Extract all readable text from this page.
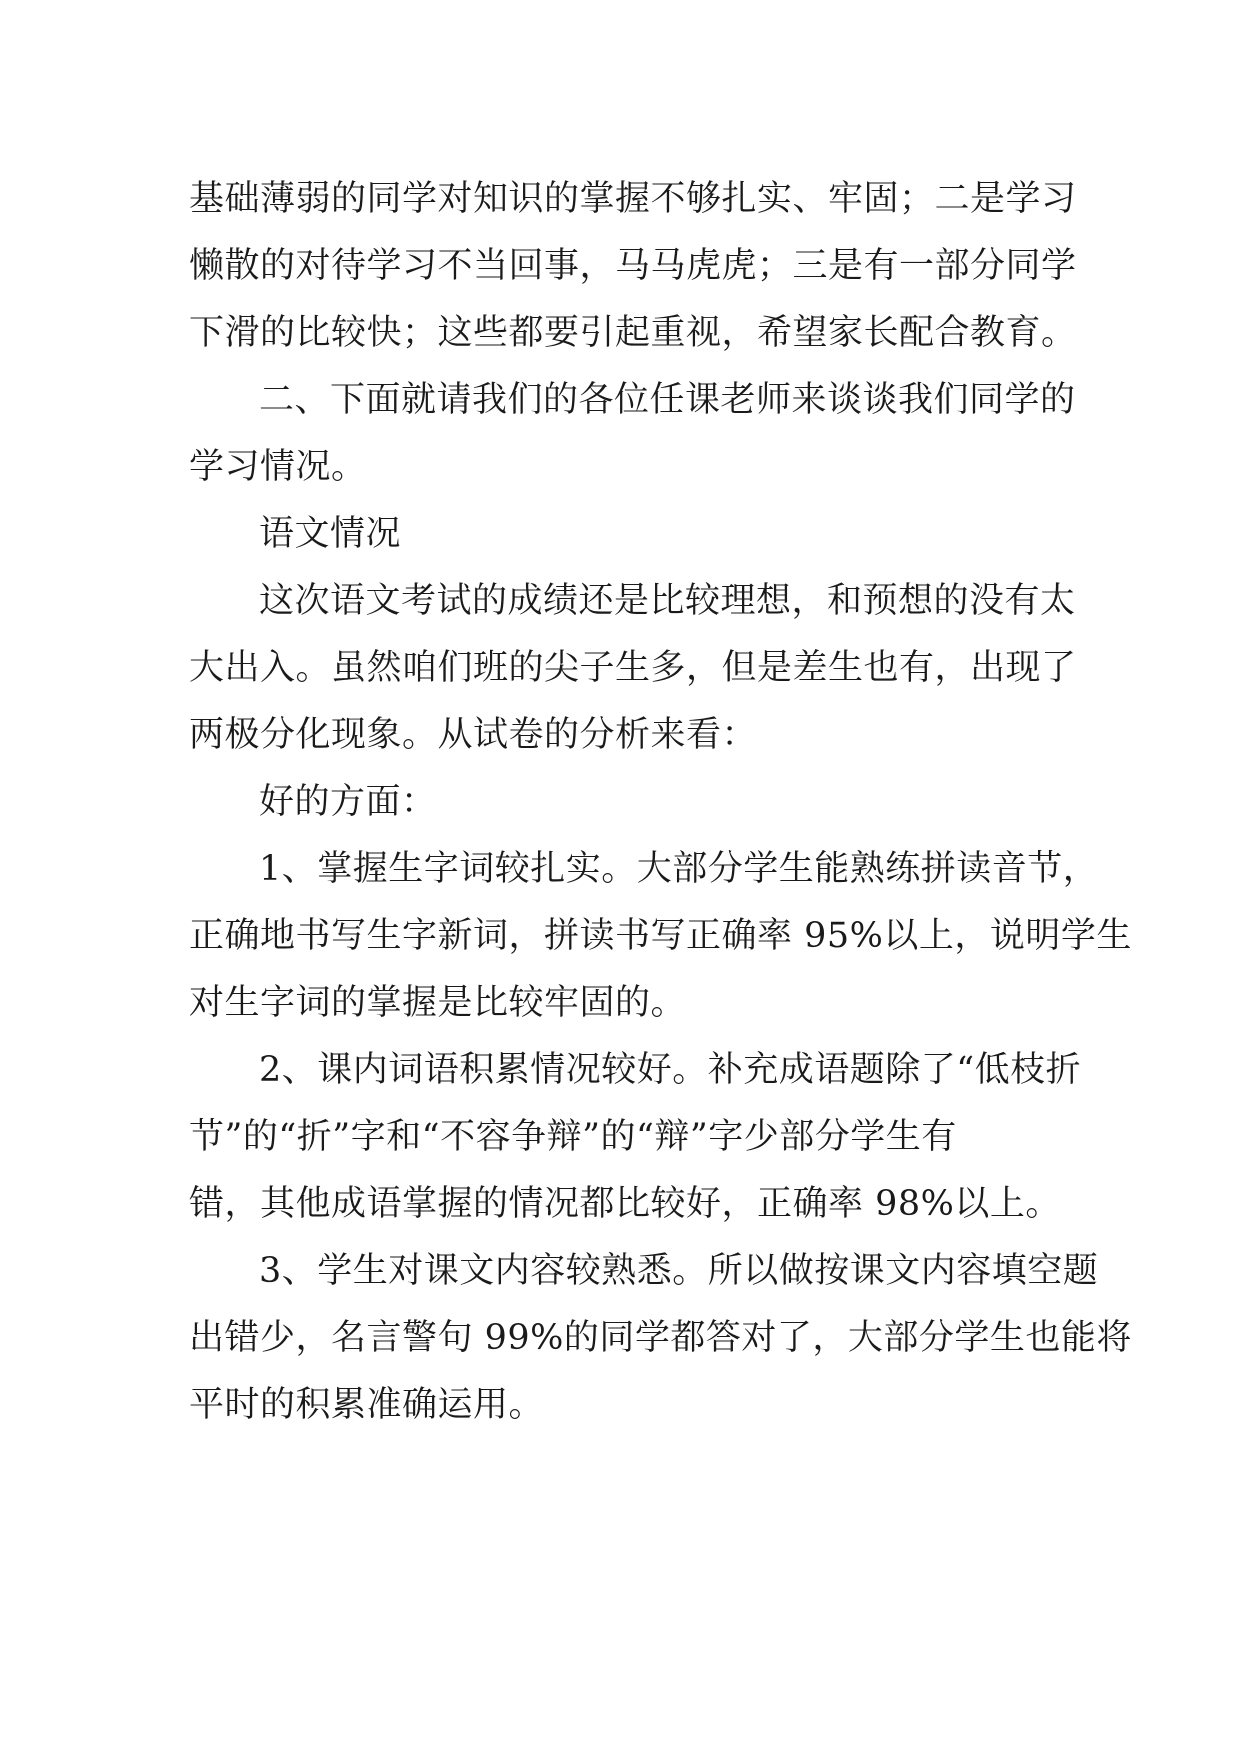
基础薄弱的同学对知识的掌握不够扎实、牢固；二是学习
懒散的对待学习不当回事，马马虎虎；三是有一部分同学
下滑的比较快；这些都要引起重视，希望家长配合教育。
二、下面就请我们的各位任课老师来谈谈我们同学的
学习情况。
语文情况
这次语文考试的成绩还是比较理想，和预想的没有太
大出入。虽然咱们班的尖子生多，但是差生也有，出现了
两极分化现象。从试卷的分析来看：
好的方面：
1、掌握生字词较扎实。大部分学生能熟练拼读音节，
正确地书写生字新词，拼读书写正确率 95%以上，说明学生
对生字词的掌握是比较牢固的。
2、课内词语积累情况较好。补充成语题除了“低枝折
节”的“折”字和“不容争辩”的“辩”字少部分学生有
错，其他成语掌握的情况都比较好，正确率 98%以上。
3、学生对课文内容较熟悉。所以做按课文内容填空题
出错少，名言警句 99%的同学都答对了，大部分学生也能将
平时的积累准确运用。
